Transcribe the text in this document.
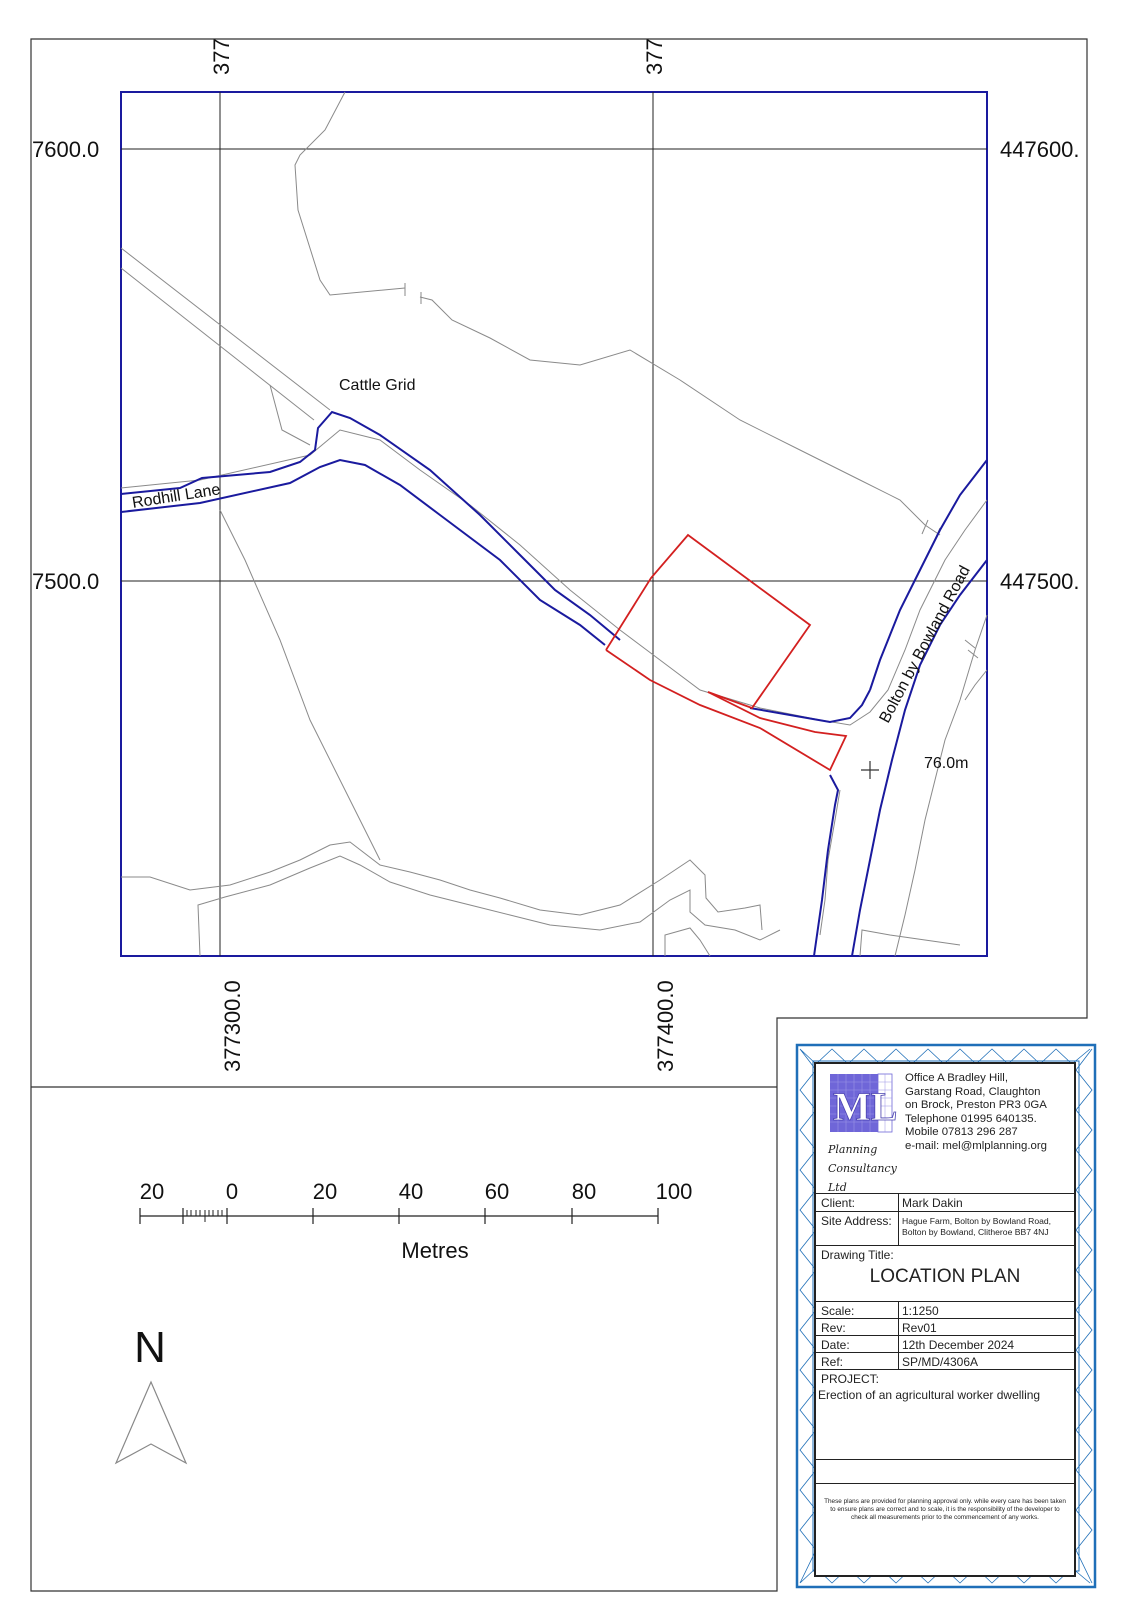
377	377
377300.0	377400.0
7600.0
7500.0
447600.
447500.
Cattle Grid
Rodhill Lane
Bolton by Bowland Road
76.0m
20	0	20	40	60	80	100
Metres
N
ML
Planning
Consultancy
Ltd
Office A Bradley Hill,
Garstang Road, Claughton
on Brock, Preston PR3 0GA
Telephone 01995 640135.
Mobile 07813 296 287
e-mail: mel@mlplanning.org
Client:	Mark Dakin
Site Address: Hague Farm, Bolton by Bowland Road,
Bolton by Bowland, Clitheroe BB7 4NJ
Drawing Title:
LOCATION PLAN
Scale:	1:1250
Rev:	Rev01
Date:	12th December 2024
Ref:	SP/MD/4306A
PROJECT:
Erection of an agricultural worker dwelling
These plans are provided for planning approval only. while every care has been taken to ensure plans are correct and to scale, it is the responsibility of the developer to check all measurements prior to the commencement of any works.
